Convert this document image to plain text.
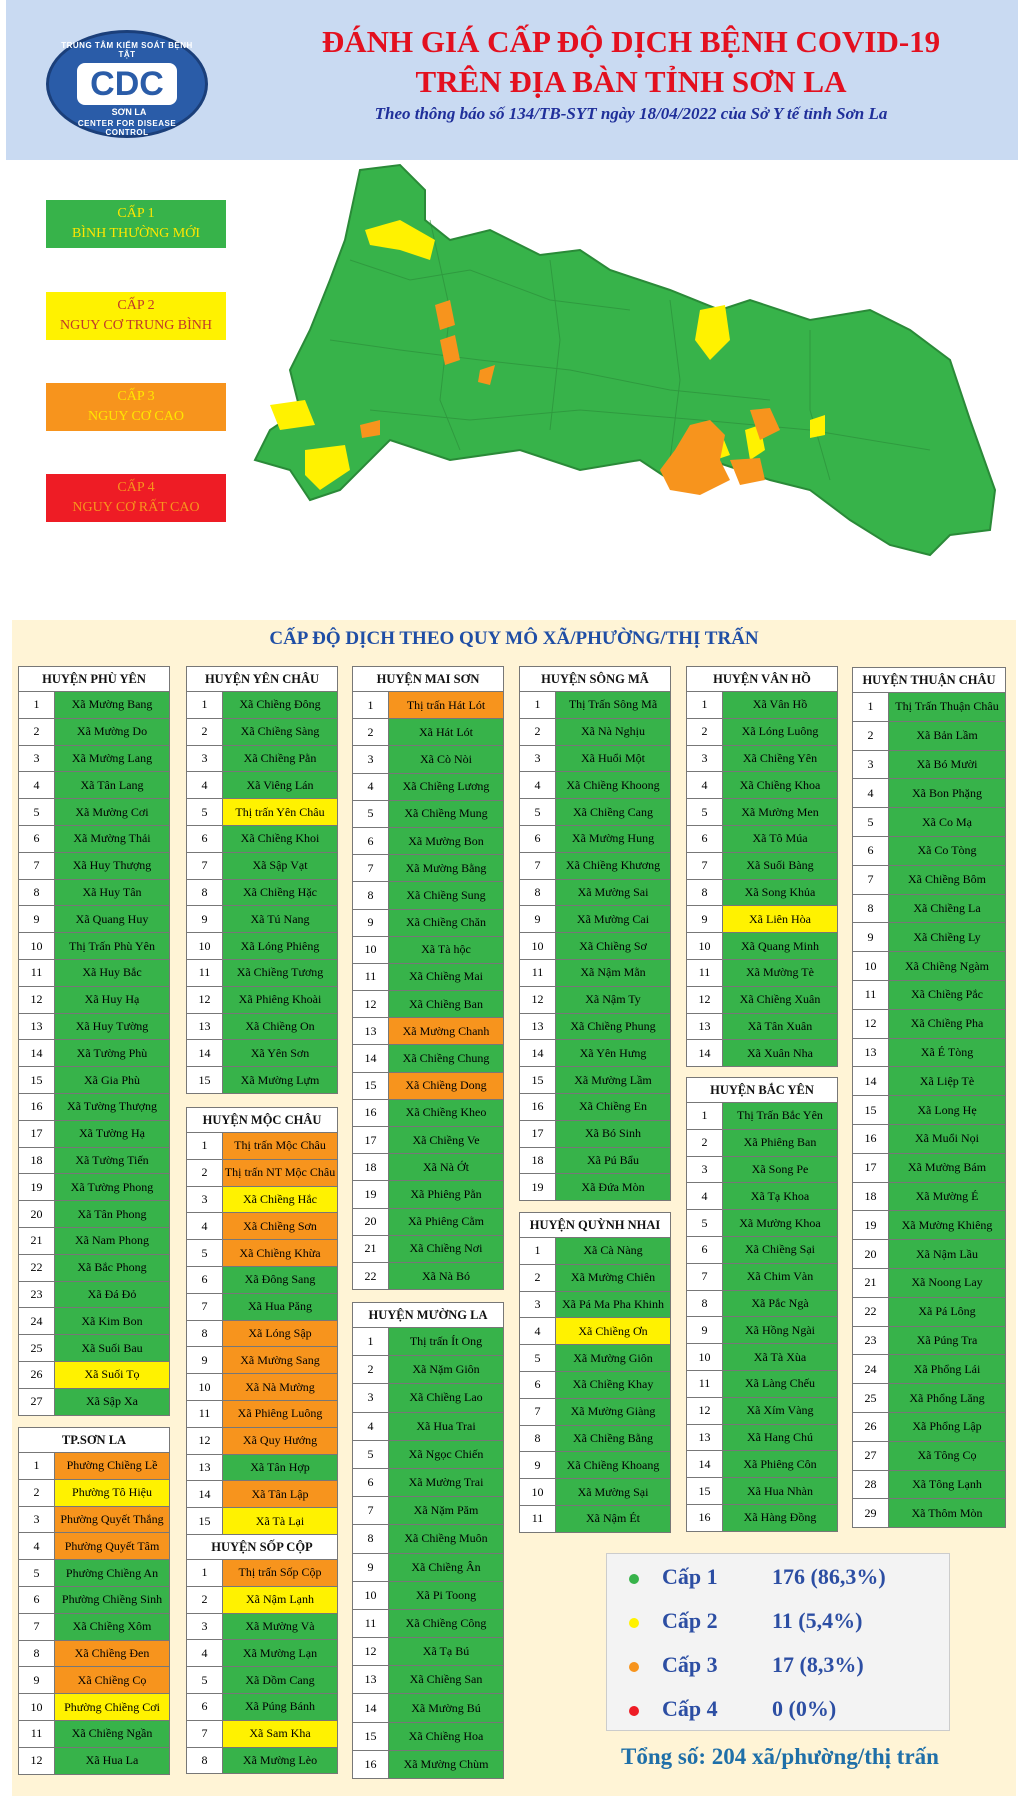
TRUNG TÂM KIỂM SOÁT BỆNH TẬT
CDC
SƠN LA
CENTER FOR DISEASE CONTROL
ĐÁNH GIÁ CẤP ĐỘ DỊCH BỆNH COVID-19
TRÊN ĐỊA BÀN TỈNH SƠN LA
Theo thông báo số 134/TB-SYT ngày 18/04/2022 của Sở Y tế tỉnh Sơn La
CẤP 1
BÌNH THƯỜNG MỚI
CẤP 2
NGUY CƠ TRUNG BÌNH
CẤP 3
NGUY CƠ CAO
CẤP 4
NGUY CƠ RẤT CAO
CẤP ĐỘ DỊCH THEO QUY MÔ XÃ/PHƯỜNG/THỊ TRẤN
HUYỆN PHÙ YÊN
1	Xã Mường Bang
2	Xã Mường Do
3	Xã Mường Lang
4	Xã Tân Lang
5	Xã Mường Cơi
6	Xã Mường Thải
7	Xã Huy Thượng
8	Xã Huy Tân
9	Xã Quang Huy
10	Thị Trấn Phù Yên
11	Xã Huy Bắc
12	Xã Huy Hạ
13	Xã Huy Tường
14	Xã Tường Phù
15	Xã Gia Phù
16	Xã Tường Thượng
17	Xã Tường Hạ
18	Xã Tường Tiến
19	Xã Tường Phong
20	Xã Tân Phong
21	Xã Nam Phong
22	Xã Bắc Phong
23	Xã Đá Đỏ
24	Xã Kim Bon
25	Xã Suối Bau
26	Xã Suối Tọ
27	Xã Sập Xa
TP.SƠN LA
1	Phường Chiềng Lề
2	Phường Tô Hiệu
3	Phường Quyết Thắng
4	Phường Quyết Tâm
5	Phường Chiềng An
6	Phường Chiềng Sinh
7	Xã Chiềng Xôm
8	Xã Chiềng Đen
9	Xã Chiềng Cọ
10	Phường Chiềng Cơi
11	Xã Chiềng Ngần
12	Xã Hua La
HUYỆN YÊN CHÂU
1	Xã Chiềng Đông
2	Xã Chiềng Sàng
3	Xã Chiềng Pằn
4	Xã Viêng Lán
5	Thị trấn Yên Châu
6	Xã Chiềng Khoi
7	Xã Sập Vạt
8	Xã Chiềng Hặc
9	Xã Tú Nang
10	Xã Lóng Phiêng
11	Xã Chiềng Tương
12	Xã Phiêng Khoài
13	Xã Chiềng On
14	Xã Yên Sơn
15	Xã Mường Lựm
HUYỆN MỘC CHÂU
1	Thị trấn Mộc Châu
2	Thị trấn NT Mộc Châu
3	Xã Chiềng Hắc
4	Xã Chiềng Sơn
5	Xã Chiềng Khừa
6	Xã Đông Sang
7	Xã Hua Păng
8	Xã Lóng Sập
9	Xã Mường Sang
10	Xã Nà Mường
11	Xã Phiêng Luông
12	Xã Quy Hướng
13	Xã Tân Hợp
14	Xã Tân Lập
15	Xã Tà Lại
HUYỆN SỐP CỘP
1	Thị trấn Sốp Cộp
2	Xã Nậm Lạnh
3	Xã Mường Và
4	Xã Mường Lạn
5	Xã Dồm Cang
6	Xã Púng Bánh
7	Xã Sam Kha
8	Xã Mường Lèo
HUYỆN MAI SƠN
1	Thị trấn Hát Lót
2	Xã Hát Lót
3	Xã Cò Nòi
4	Xã Chiềng Lương
5	Xã Chiềng Mung
6	Xã Mường Bon
7	Xã Mường Bằng
8	Xã Chiềng Sung
9	Xã Chiềng Chăn
10	Xã Tà hộc
11	Xã Chiềng Mai
12	Xã Chiềng Ban
13	Xã Mường Chanh
14	Xã Chiềng Chung
15	Xã Chiềng Dong
16	Xã Chiềng Kheo
17	Xã Chiềng Ve
18	Xã Nà Ớt
19	Xã Phiêng Pằn
20	Xã Phiêng Cằm
21	Xã Chiềng Nơi
22	Xã Nà Bó
HUYỆN MƯỜNG LA
1	Thị trấn Ít Ong
2	Xã Nặm Giôn
3	Xã Chiềng Lao
4	Xã Hua Trai
5	Xã Ngọc Chiến
6	Xã Mường Trai
7	Xã Nặm Păm
8	Xã Chiềng Muôn
9	Xã Chiềng Ân
10	Xã Pi Toong
11	Xã Chiềng Công
12	Xã Tạ Bú
13	Xã Chiềng San
14	Xã Mường Bú
15	Xã Chiềng Hoa
16	Xã Mường Chùm
HUYỆN SÔNG MÃ
1	Thị Trấn Sông Mã
2	Xã Nà Nghịu
3	Xã Huổi Một
4	Xã Chiềng Khoong
5	Xã Chiềng Cang
6	Xã Mường Hung
7	Xã Chiềng Khương
8	Xã Mường Sai
9	Xã Mường Cai
10	Xã Chiềng Sơ
11	Xã Nậm Mằn
12	Xã Nậm Ty
13	Xã Chiềng Phung
14	Xã Yên Hưng
15	Xã Mường Lầm
16	Xã Chiềng En
17	Xã Bó Sinh
18	Xã Pú Bẩu
19	Xã Đứa Mòn
HUYỆN QUỲNH NHAI
1	Xã Cà Nàng
2	Xã Mường Chiên
3	Xã Pá Ma Pha Khinh
4	Xã Chiềng Ơn
5	Xã Mường Giôn
6	Xã Chiềng Khay
7	Xã Mường Giàng
8	Xã Chiềng Bằng
9	Xã Chiềng Khoang
10	Xã Mường Sại
11	Xã Nậm Ét
HUYỆN VÂN HỒ
1	Xã Vân Hồ
2	Xã Lóng Luông
3	Xã Chiềng Yên
4	Xã Chiềng Khoa
5	Xã Mường Men
6	Xã Tô Múa
7	Xã Suối Bàng
8	Xã Song Khủa
9	Xã Liên Hòa
10	Xã Quang Minh
11	Xã Mường Tè
12	Xã Chiềng Xuân
13	Xã Tân Xuân
14	Xã Xuân Nha
HUYỆN BẮC YÊN
1	Thị Trấn Bắc Yên
2	Xã Phiêng Ban
3	Xã Song Pe
4	Xã Tạ Khoa
5	Xã Mường Khoa
6	Xã Chiềng Sại
7	Xã Chim Vàn
8	Xã Pắc Ngà
9	Xã Hồng Ngài
10	Xã Tà Xùa
11	Xã Làng Chếu
12	Xã Xím Vàng
13	Xã Hang Chú
14	Xã Phiêng Côn
15	Xã Hua Nhàn
16	Xã Hàng Đồng
HUYỆN THUẬN CHÂU
1	Thị Trấn Thuận Châu
2	Xã Bản Lầm
3	Xã Bó Mười
4	Xã Bon Phặng
5	Xã Co Mạ
6	Xã Co Tòng
7	Xã Chiềng Bôm
8	Xã Chiềng La
9	Xã Chiềng Ly
10	Xã Chiềng Ngàm
11	Xã Chiềng Pắc
12	Xã Chiềng Pha
13	Xã É Tòng
14	Xã Liệp Tè
15	Xã Long Hẹ
16	Xã Muổi Nọi
17	Xã Mường Bám
18	Xã Mường É
19	Xã Mường Khiêng
20	Xã Nậm Lầu
21	Xã Noong Lay
22	Xã Pá Lông
23	Xã Púng Tra
24	Xã Phổng Lái
25	Xã Phổng Lăng
26	Xã Phổng Lập
27	Xã Tông Cọ
28	Xã Tông Lạnh
29	Xã Thôm Mòn
Cấp 1 176 (86,3%)
Cấp 2 11 (5,4%)
Cấp 3 17 (8,3%)
Cấp 4 0 (0%)
Tổng số: 204 xã/phường/thị trấn
